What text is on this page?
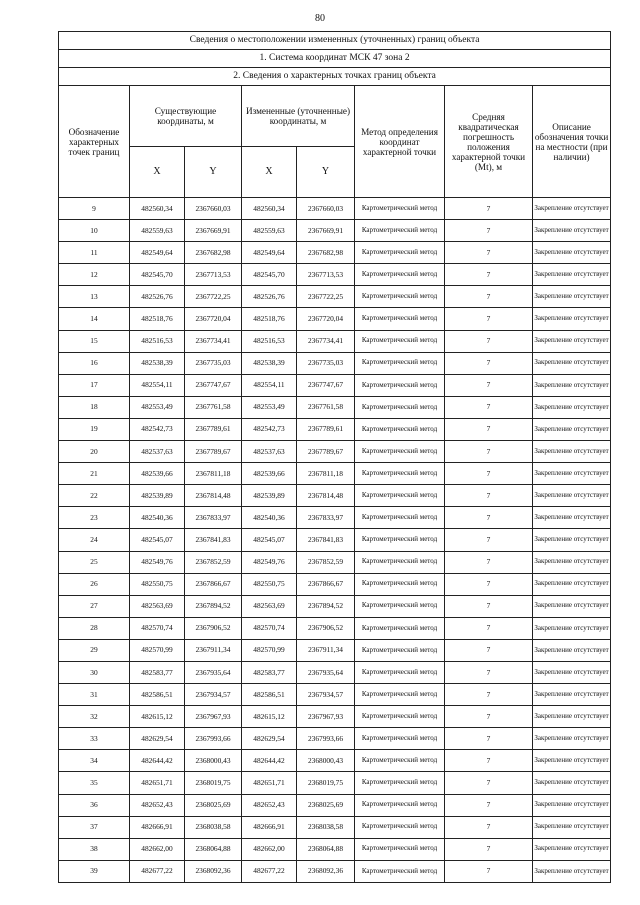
80
Сведения о местоположении измененных (уточненных) границ объекта							
1. Система координат МСК 47 зона 2							
2. Сведения о характерных точках границ объекта							
Обозначение характерных точек границ	Существующие координаты, м		Измененные (уточненные) координаты, м		Метод определения координат характерной точки	Средняя квадратическая погрешность положения характерной точки (Mt), м	Описание обозначения точки на местности (при наличии)
	X	Y	X	Y			
9	482560,34	2367660,03	482560,34	2367660,03	Картометрический метод	7	Закрепление отсутствует
10	482559,63	2367669,91	482559,63	2367669,91	Картометрический метод	7	Закрепление отсутствует
11	482549,64	2367682,98	482549,64	2367682,98	Картометрический метод	7	Закрепление отсутствует
12	482545,70	2367713,53	482545,70	2367713,53	Картометрический метод	7	Закрепление отсутствует
13	482526,76	2367722,25	482526,76	2367722,25	Картометрический метод	7	Закрепление отсутствует
14	482518,76	2367720,04	482518,76	2367720,04	Картометрический метод	7	Закрепление отсутствует
15	482516,53	2367734,41	482516,53	2367734,41	Картометрический метод	7	Закрепление отсутствует
16	482538,39	2367735,03	482538,39	2367735,03	Картометрический метод	7	Закрепление отсутствует
17	482554,11	2367747,67	482554,11	2367747,67	Картометрический метод	7	Закрепление отсутствует
18	482553,49	2367761,58	482553,49	2367761,58	Картометрический метод	7	Закрепление отсутствует
19	482542,73	2367789,61	482542,73	2367789,61	Картометрический метод	7	Закрепление отсутствует
20	482537,63	2367789,67	482537,63	2367789,67	Картометрический метод	7	Закрепление отсутствует
21	482539,66	2367811,18	482539,66	2367811,18	Картометрический метод	7	Закрепление отсутствует
22	482539,89	2367814,48	482539,89	2367814,48	Картометрический метод	7	Закрепление отсутствует
23	482540,36	2367833,97	482540,36	2367833,97	Картометрический метод	7	Закрепление отсутствует
24	482545,07	2367841,83	482545,07	2367841,83	Картометрический метод	7	Закрепление отсутствует
25	482549,76	2367852,59	482549,76	2367852,59	Картометрический метод	7	Закрепление отсутствует
26	482550,75	2367866,67	482550,75	2367866,67	Картометрический метод	7	Закрепление отсутствует
27	482563,69	2367894,52	482563,69	2367894,52	Картометрический метод	7	Закрепление отсутствует
28	482570,74	2367906,52	482570,74	2367906,52	Картометрический метод	7	Закрепление отсутствует
29	482570,99	2367911,34	482570,99	2367911,34	Картометрический метод	7	Закрепление отсутствует
30	482583,77	2367935,64	482583,77	2367935,64	Картометрический метод	7	Закрепление отсутствует
31	482586,51	2367934,57	482586,51	2367934,57	Картометрический метод	7	Закрепление отсутствует
32	482615,12	2367967,93	482615,12	2367967,93	Картометрический метод	7	Закрепление отсутствует
33	482629,54	2367993,66	482629,54	2367993,66	Картометрический метод	7	Закрепление отсутствует
34	482644,42	2368000,43	482644,42	2368000,43	Картометрический метод	7	Закрепление отсутствует
35	482651,71	2368019,75	482651,71	2368019,75	Картометрический метод	7	Закрепление отсутствует
36	482652,43	2368025,69	482652,43	2368025,69	Картометрический метод	7	Закрепление отсутствует
37	482666,91	2368038,58	482666,91	2368038,58	Картометрический метод	7	Закрепление отсутствует
38	482662,00	2368064,88	482662,00	2368064,88	Картометрический метод	7	Закрепление отсутствует
39	482677,22	2368092,36	482677,22	2368092,36	Картометрический метод	7	Закрепление отсутствует
